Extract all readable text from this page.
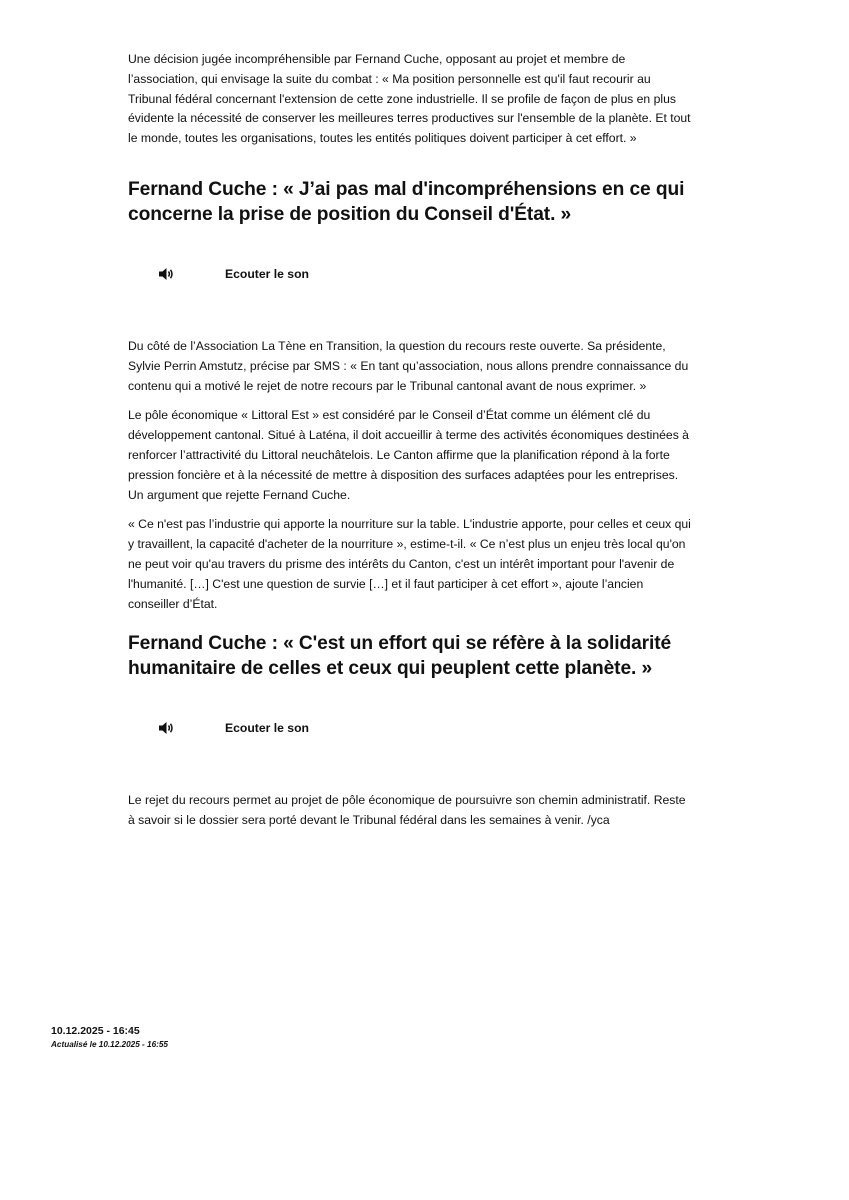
Une décision jugée incompréhensible par Fernand Cuche, opposant au projet et membre de l’association, qui envisage la suite du combat : « Ma position personnelle est qu'il faut recourir au Tribunal fédéral concernant l'extension de cette zone industrielle. Il se profile de façon de plus en plus évidente la nécessité de conserver les meilleures terres productives sur l'ensemble de la planète. Et tout le monde, toutes les organisations, toutes les entités politiques doivent participer à cet effort. »

Fernand Cuche : « J’ai pas mal d'incompréhensions en ce qui concerne la prise de position du Conseil d'État. »
Ecouter le son

Du côté de l’Association La Tène en Transition, la question du recours reste ouverte. Sa présidente, Sylvie Perrin Amstutz, précise par SMS : « En tant qu’association, nous allons prendre connaissance du contenu qui a motivé le rejet de notre recours par le Tribunal cantonal avant de nous exprimer. »

Le pôle économique « Littoral Est » est considéré par le Conseil d’État comme un élément clé du développement cantonal. Situé à Laténa, il doit accueillir à terme des activités économiques destinées à renforcer l’attractivité du Littoral neuchâtelois. Le Canton affirme que la planification répond à la forte pression foncière et à la nécessité de mettre à disposition des surfaces adaptées pour les entreprises. Un argument que rejette Fernand Cuche.

« Ce n'est pas l’industrie qui apporte la nourriture sur la table. L'industrie apporte, pour celles et ceux qui y travaillent, la capacité d'acheter de la nourriture », estime-t-il. « Ce n’est plus un enjeu très local qu'on ne peut voir qu'au travers du prisme des intérêts du Canton, c'est un intérêt important pour l'avenir de l'humanité. […] C'est une question de survie […] et il faut participer à cet effort », ajoute l’ancien conseiller d’État.

Fernand Cuche : « C'est un effort qui se réfère à la solidarité humanitaire de celles et ceux qui peuplent cette planète. »
Ecouter le son

Le rejet du recours permet au projet de pôle économique de poursuivre son chemin administratif. Reste à savoir si le dossier sera porté devant le Tribunal fédéral dans les semaines à venir. /yca

10.12.2025 - 16:45
Actualisé le 10.12.2025 - 16:55
